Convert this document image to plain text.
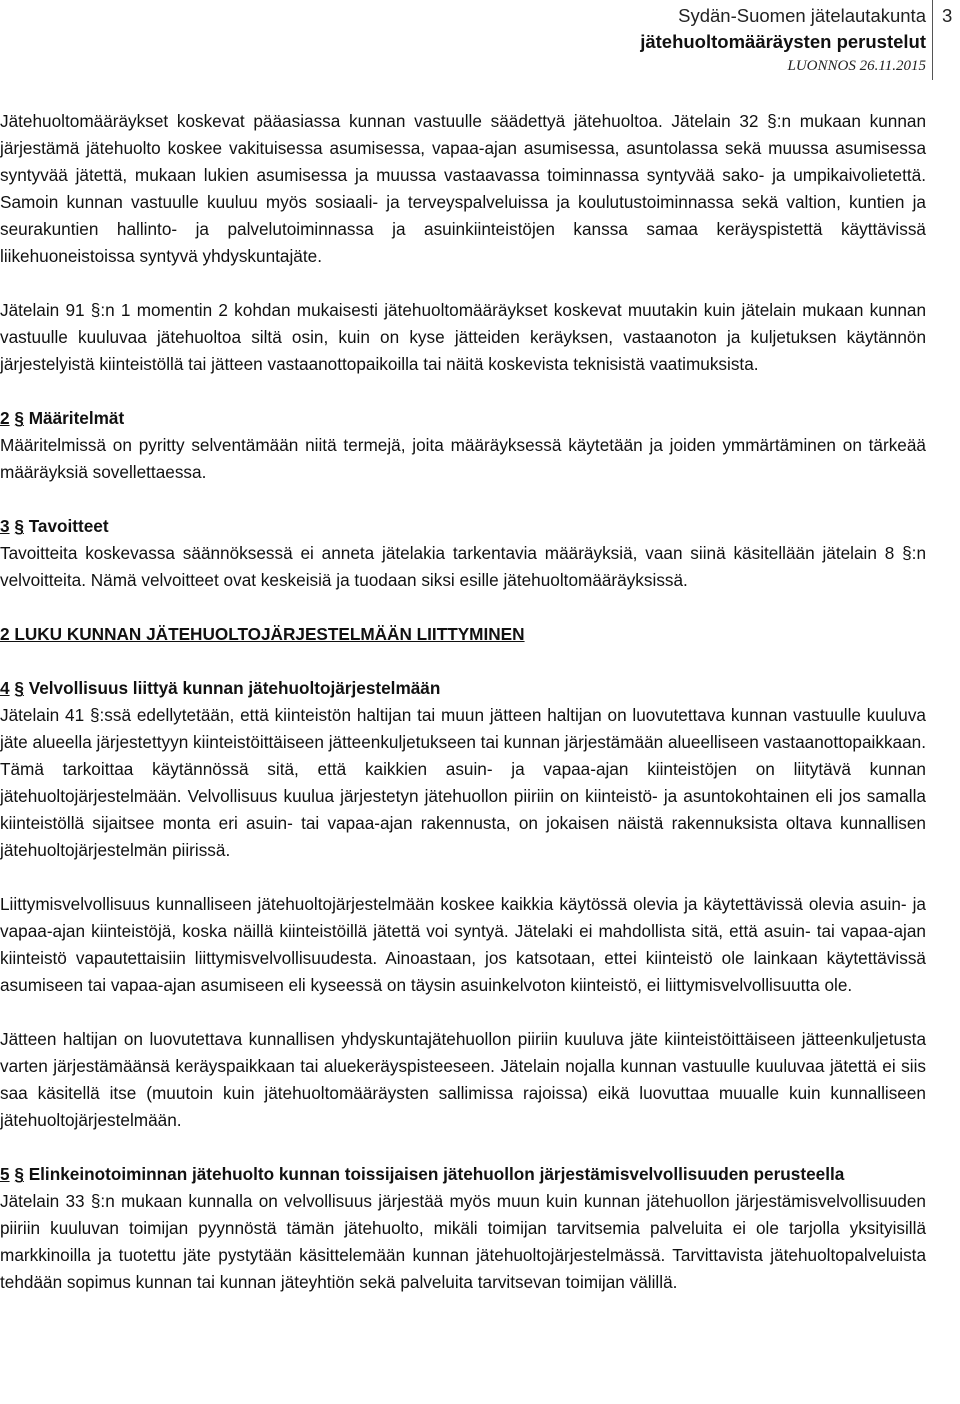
Sydän-Suomen jätelautakunta
jätehuoltomääräysten perustelut
LUONNOS 26.11.2015
3

Jätehuoltomääräykset koskevat pääasiassa kunnan vastuulle säädettyä jätehuoltoa. Jätelain 32 §:n mukaan kunnan järjestämä jätehuolto koskee vakituisessa asumisessa, vapaa-ajan asumisessa, asuntolassa sekä muussa asumisessa syntyvää jätettä, mukaan lukien asumisessa ja muussa vastaavassa toiminnassa syntyvää sako- ja umpikaivolietettä. Samoin kunnan vastuulle kuuluu myös sosiaali- ja terveyspalveluissa ja koulutustoiminnassa sekä valtion, kuntien ja seurakuntien hallinto- ja palvelutoiminnassa ja asuinkiinteistöjen kanssa samaa keräyspistettä käyttävissä liikehuoneistoissa syntyvä yhdyskuntajäte.

Jätelain 91 §:n 1 momentin 2 kohdan mukaisesti jätehuoltomääräykset koskevat muutakin kuin jätelain mukaan kunnan vastuulle kuuluvaa jätehuoltoa siltä osin, kuin on kyse jätteiden keräyksen, vastaanoton ja kuljetuksen käytännön järjestelyistä kiinteistöllä tai jätteen vastaanottopaikoilla tai näitä koskevista teknisistä vaatimuksista.

2 § Määritelmät

Määritelmissä on pyritty selventämään niitä termejä, joita määräyksessä käytetään ja joiden ymmärtäminen on tärkeää määräyksiä sovellettaessa.

3 § Tavoitteet

Tavoitteita koskevassa säännöksessä ei anneta jätelakia tarkentavia määräyksiä, vaan siinä käsitellään jätelain 8 §:n velvoitteita. Nämä velvoitteet ovat keskeisiä ja tuodaan siksi esille jätehuoltomääräyksissä.

2 LUKU KUNNAN JÄTEHUOLTOJÄRJESTELMÄÄN LIITTYMINEN
4 § Velvollisuus liittyä kunnan jätehuoltojärjestelmään

Jätelain 41 §:ssä edellytetään, että kiinteistön haltijan tai muun jätteen haltijan on luovutettava kunnan vastuulle kuuluva jäte alueella järjestettyyn kiinteistöittäiseen jätteenkuljetukseen tai kunnan järjestämään alueelliseen vastaanottopaikkaan. Tämä tarkoittaa käytännössä sitä, että kaikkien asuin- ja vapaa-ajan kiinteistöjen on liitytävä kunnan jätehuoltojärjestelmään. Velvollisuus kuulua järjestetyn jätehuollon piiriin on kiinteistö- ja asuntokohtainen eli jos samalla kiinteistöllä sijaitsee monta eri asuin- tai vapaa-ajan rakennusta, on jokaisen näistä rakennuksista oltava kunnallisen jätehuoltojärjestelmän piirissä.

Liittymisvelvollisuus kunnalliseen jätehuoltojärjestelmään koskee kaikkia käytössä olevia ja käytettävissä olevia asuin- ja vapaa-ajan kiinteistöjä, koska näillä kiinteistöillä jätettä voi syntyä. Jätelaki ei mahdollista sitä, että asuin- tai vapaa-ajan kiinteistö vapautettaisiin liittymisvelvollisuudesta. Ainoastaan, jos katsotaan, ettei kiinteistö ole lainkaan käytettävissä asumiseen tai vapaa-ajan asumiseen eli kyseessä on täysin asuinkelvoton kiinteistö, ei liittymisvelvollisuutta ole.

Jätteen haltijan on luovutettava kunnallisen yhdyskuntajätehuollon piiriin kuuluva jäte kiinteistöittäiseen jätteenkuljetusta varten järjestämäänsä keräyspaikkaan tai aluekeräyspisteeseen. Jätelain nojalla kunnan vastuulle kuuluvaa jätettä ei siis saa käsitellä itse (muutoin kuin jätehuoltomääräysten sallimissa rajoissa) eikä luovuttaa muualle kuin kunnalliseen jätehuoltojärjestelmään.

5 § Elinkeinotoiminnan jätehuolto kunnan toissijaisen jätehuollon järjestämisvelvollisuuden perusteella

Jätelain 33 §:n mukaan kunnalla on velvollisuus järjestää myös muun kuin kunnan jätehuollon järjestämisvelvollisuuden piiriin kuuluvan toimijan pyynnöstä tämän jätehuolto, mikäli toimijan tarvitsemia palveluita ei ole tarjolla yksityisillä markkinoilla ja tuotettu jäte pystytään käsittelemään kunnan jätehuoltojärjestelmässä. Tarvittavista jätehuoltopalveluista tehdään sopimus kunnan tai kunnan jäteyhtiön sekä palveluita tarvitsevan toimijan välillä.
